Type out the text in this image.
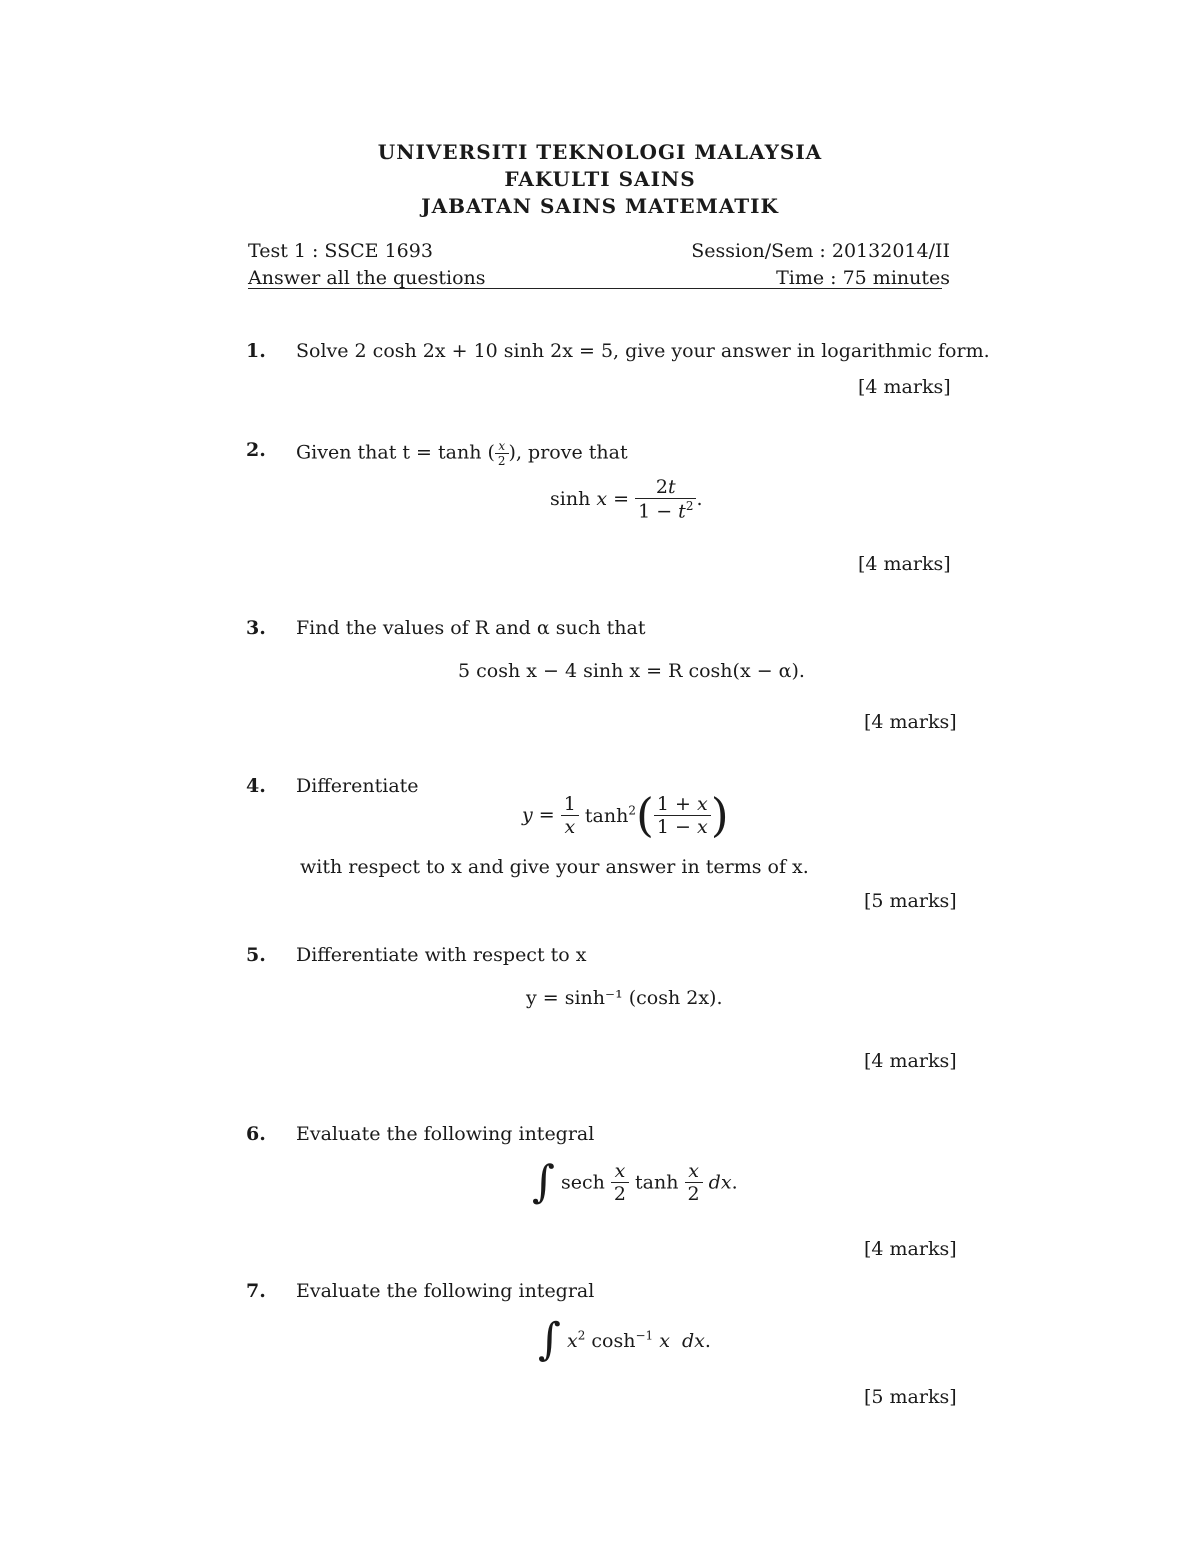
UNIVERSITI TEKNOLOGI MALAYSIA
FAKULTI SAINS
JABATAN SAINS MATEMATIK
Test 1 : SSCE 1693	Session/Sem : 20132014/II
Answer all the questions	Time : 75 minutes
1. Solve 2 cosh 2x + 10 sinh 2x = 5, give your answer in logarithmic form.
[4 marks]
2. Given that t = tanh ( $\frac{x}{2}$ ), prove that
$\sinh x = \frac{2t}{1 - t^2}$ .
[4 marks]
3. Find the values of R and α such that
5 cosh x − 4 sinh x = R cosh(x − α).
[4 marks]
4. Differentiate
$y = \frac{1}{x} \tanh^2( \frac{1 + x}{1 - x}$ )
with respect to x and give your answer in terms of x.
[5 marks]
5. Differentiate with respect to x
y = sinh⁻¹ (cosh 2x).
[4 marks]
6. Evaluate the following integral
∫ sech $\frac{x}{2}$ $\tanh \frac{x}{2}$ dx.
[4 marks]
7. Evaluate the following integral
∫ $x^2$ $\cosh^{-1} x$ dx.
[5 marks]
